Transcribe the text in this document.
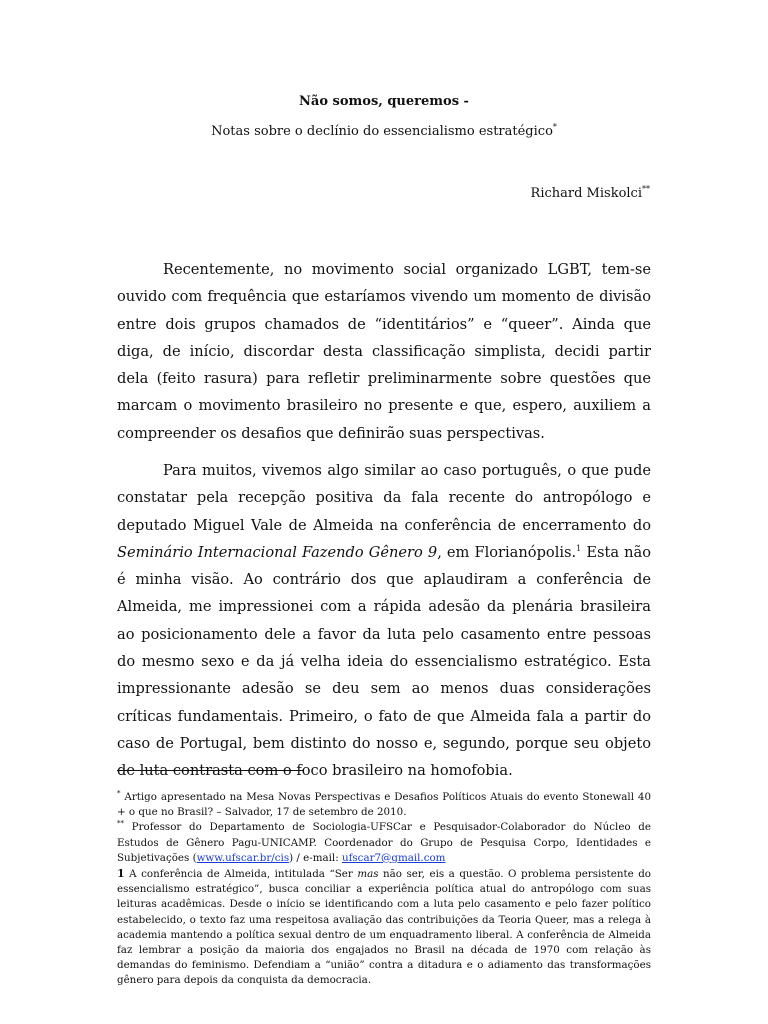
Não somos, queremos -
Notas sobre o declínio do essencialismo estratégico*
Richard Miskolci**

Recentemente, no movimento social organizado LGBT, tem-se ouvido com frequência que estaríamos vivendo um momento de divisão entre dois grupos chamados de “identitários” e “queer”. Ainda que diga, de início, discordar desta classificação simplista, decidi partir dela (feito rasura) para refletir preliminarmente sobre questões que marcam o movimento brasileiro no presente e que, espero, auxiliem a compreender os desafios que definirão suas perspectivas.

Para muitos, vivemos algo similar ao caso português, o que pude constatar pela recepção positiva da fala recente do antropólogo e deputado Miguel Vale de Almeida na conferência de encerramento do Seminário Internacional Fazendo Gênero 9, em Florianópolis.$^1$ Esta não é minha visão. Ao contrário dos que aplaudiram a conferência de Almeida, me impressionei com a rápida adesão da plenária brasileira ao posicionamento dele a favor da luta pelo casamento entre pessoas do mesmo sexo e da já velha ideia do essencialismo estratégico. Esta impressionante adesão se deu sem ao menos duas considerações críticas fundamentais. Primeiro, o fato de que Almeida fala a partir do caso de Portugal, bem distinto do nosso e, segundo, porque seu objeto de luta contrasta com o foco brasileiro na homofobia.

* Artigo apresentado na Mesa Novas Perspectivas e Desafios Políticos Atuais do evento Stonewall 40 + o que no Brasil? – Salvador, 17 de setembro de 2010.

** Professor do Departamento de Sociologia-UFSCar e Pesquisador-Colaborador do Núcleo de Estudos de Gênero Pagu-UNICAMP. Coordenador do Grupo de Pesquisa Corpo, Identidades e Subjetivações (www.ufscar.br/cis) / e-mail: ufscar7@gmail.com

1 A conferência de Almeida, intitulada “Ser mas não ser, eis a questão. O problema persistente do essencialismo estratégico”, busca conciliar a experiência política atual do antropólogo com suas leituras acadêmicas. Desde o início se identificando com a luta pelo casamento e pelo fazer político estabelecido, o texto faz uma respeitosa avaliação das contribuições da Teoria Queer, mas a relega à academia mantendo a política sexual dentro de um enquadramento liberal. A conferência de Almeida faz lembrar a posição da maioria dos engajados no Brasil na década de 1970 com relação às demandas do feminismo. Defendiam a “união” contra a ditadura e o adiamento das transformações gênero para depois da conquista da democracia.
